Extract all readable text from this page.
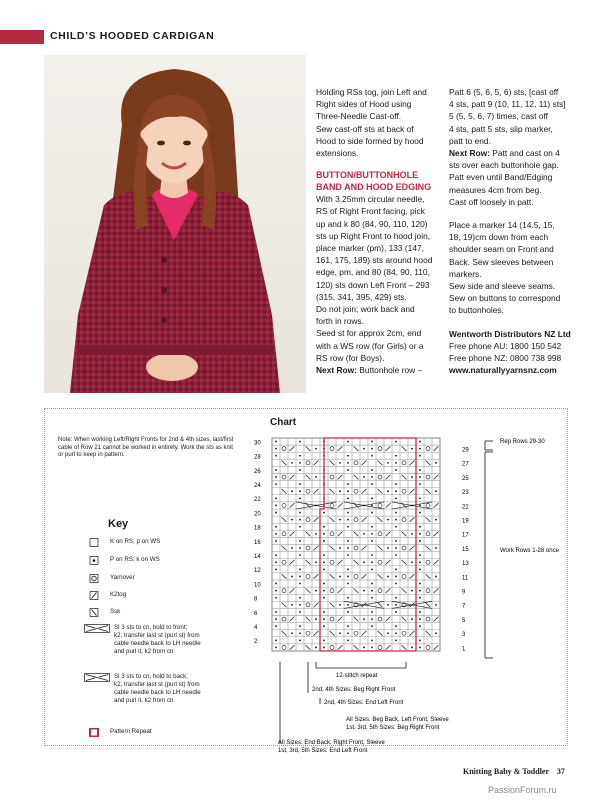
CHILD’S HOODED CARDIGAN

Holding RSs tog, join Left and
Right sides of Hood using
Three-Needle Cast-off.
Sew cast-off sts at back of
Hood to side formed by hood
extensions.

BUTTON/BUTTONHOLE
BAND AND HOOD EDGING

With 3.25mm circular needle,
RS of Right Front facing, pick
up and k 80 (84, 90, 110, 120)
sts up Right Front to hood join,
place marker (pm), 133 (147,
161, 175, 189) sts around hood
edge, pm, and 80 (84, 90, 110,
120) sts down Left Front – 293
(315, 341, 395, 429) sts.
Do not join; work back and
forth in rows.
Seed st for approx 2cm, end
with a WS row (for Girls) or a
RS row (for Boys).

Next Row: Buttonhole row –

Patt 6 (5, 6, 5, 6) sts, [cast off
4 sts, patt 9 (10, 11, 12, 11) sts]
5 (5, 5, 6, 7) times, cast off
4 sts, patt 5 sts, slip marker,
patt to end.

Next Row: Patt and cast on 4
sts over each buttonhole gap.
Patt even until Band/Edging
measures 4cm from beg.
Cast off loosely in patt.

Place a marker 14 (14.5, 15,
18, 19)cm down from each
shoulder seam on Front and
Back. Sew sleeves between
markers.
Sew side and sleeve seams.
Sew on buttons to correspond
to buttonholes.

Wentworth Distributors NZ Ltd

Free phone AU: 1800 150 542

Free phone NZ: 0800 738 998

www.naturallyyarnsnz.com

Chart
Note: When working Left/Right Fronts for 2nd & 4th sizes, last/first cable of Row 21 cannot be worked in entirety. Work the sts as knit or purl to keep in pattern.
Key
K on RS; p on WS
P on RS; k on WS
Yarnover
K2tog
Ssk
Sl 3 sts to cn, hold to front;
k2, transfer last st (purl st) from
cable needle back to LH needle
and purl it, k2 from cn
Sl 3 sts to cn, hold to back;
k2, transfer last st (purl st) from
cable needle back to LH needle
and purl it, k2 from cn
Pattern Repeat
30
28
26
24
22
20
18
16
14
12
10
8
6
4
2
29
27
25
23
21
19
17
15
13
11
9
7
5
3
1
Rep Rows 29-30
Work Rows 1-28 once
12-stitch repeat
2nd, 4th Sizes: Beg Right Front
2nd, 4th Sizes: End Left Front
All Sizes: Beg Back, Left Front, Sleeve 1st, 3rd, 5th Sizes: Beg Right Front
All Sizes: End Back, Right Front, Sleeve 1st, 3rd, 5th Sizes: End Left Front
Knitting Baby & Toddler 37
PassionForum.ru
